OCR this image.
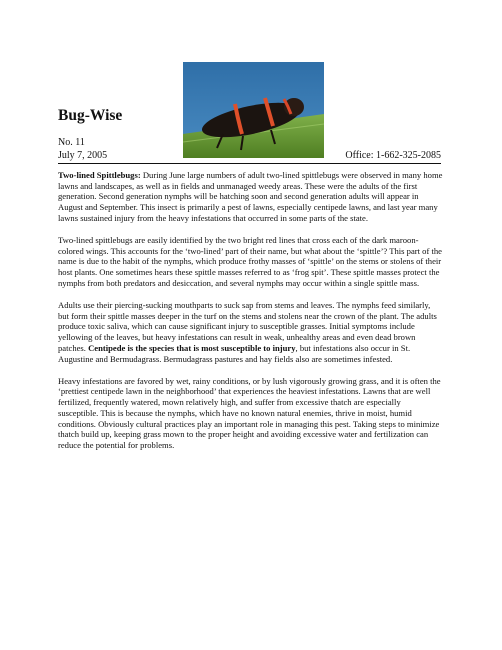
Bug-Wise
No. 11
July 7, 2005	Office: 1-662-325-2085

Two-lined Spittlebugs: During June large numbers of adult two-lined spittlebugs were observed in many home lawns and landscapes, as well as in fields and unmanaged weedy areas. These were the adults of the first generation. Second generation nymphs will be hatching soon and second generation adults will appear in August and September. This insect is primarily a pest of lawns, especially centipede lawns, and last year many lawns sustained injury from the heavy infestations that occurred in some parts of the state.

Two-lined spittlebugs are easily identified by the two bright red lines that cross each of the dark maroon-colored wings. This accounts for the ‘two-lined’ part of their name, but what about the ‘spittle’? This part of the name is due to the habit of the nymphs, which produce frothy masses of ‘spittle’ on the stems or stolens of their host plants. One sometimes hears these spittle masses referred to as ‘frog spit’. These spittle masses protect the nymphs from both predators and desiccation, and several nymphs may occur within a single spittle mass.

Adults use their piercing-sucking mouthparts to suck sap from stems and leaves. The nymphs feed similarly, but form their spittle masses deeper in the turf on the stems and stolens near the crown of the plant. The adults produce toxic saliva, which can cause significant injury to susceptible grasses. Initial symptoms include yellowing of the leaves, but heavy infestations can result in weak, unhealthy areas and even dead brown patches. Centipede is the species that is most susceptible to injury, but infestations also occur in St. Augustine and Bermudagrass. Bermudagrass pastures and hay fields also are sometimes infested.

Heavy infestations are favored by wet, rainy conditions, or by lush vigorously growing grass, and it is often the ‘prettiest centipede lawn in the neighborhood’ that experiences the heaviest infestations. Lawns that are well fertilized, frequently watered, mown relatively high, and suffer from excessive thatch are especially susceptible. This is because the nymphs, which have no known natural enemies, thrive in moist, humid conditions. Obviously cultural practices play an important role in managing this pest. Taking steps to minimize thatch build up, keeping grass mown to the proper height and avoiding excessive water and fertilization can reduce the potential for problems.
